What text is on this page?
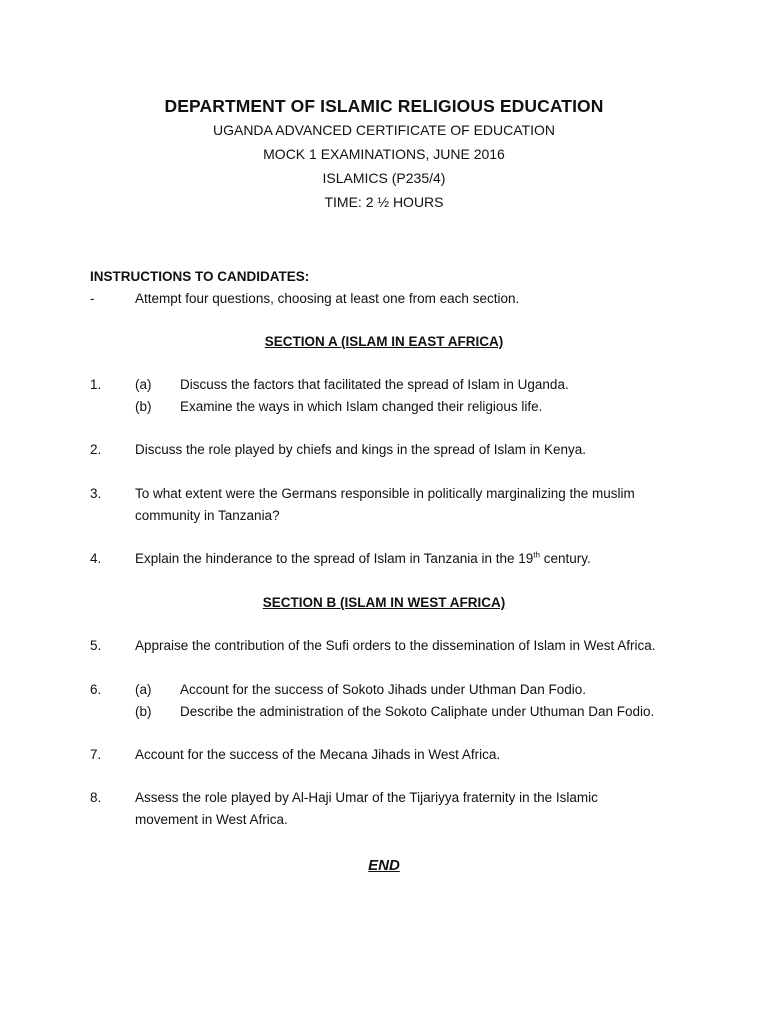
DEPARTMENT OF ISLAMIC RELIGIOUS EDUCATION
UGANDA ADVANCED CERTIFICATE OF EDUCATION
MOCK 1 EXAMINATIONS, JUNE 2016
ISLAMICS (P235/4)
TIME: 2 ½ HOURS
INSTRUCTIONS TO CANDIDATES:
-	Attempt four questions, choosing at least one from each section.
SECTION A (ISLAM IN EAST AFRICA)
1.	(a)	Discuss the factors that facilitated the spread of Islam in Uganda.
(b)	Examine the ways in which Islam changed their religious life.
2.	Discuss the role played by chiefs and kings in the spread of Islam in Kenya.
3.	To what extent were the Germans responsible in politically marginalizing the muslim
community in Tanzania?
4.	Explain the hinderance to the spread of Islam in Tanzania in the 19th century.
SECTION B (ISLAM IN WEST AFRICA)
5.	Appraise the contribution of the Sufi orders to the dissemination of Islam in West Africa.
6.	(a)	Account for the success of Sokoto Jihads under Uthman Dan Fodio.
(b)	Describe the administration of the Sokoto Caliphate under Uthuman Dan Fodio.
7.	Account for the success of the Mecana Jihads in West Africa.
8.	Assess the role played by Al-Haji Umar of the Tijariyya fraternity in the Islamic
movement in West Africa.
END
